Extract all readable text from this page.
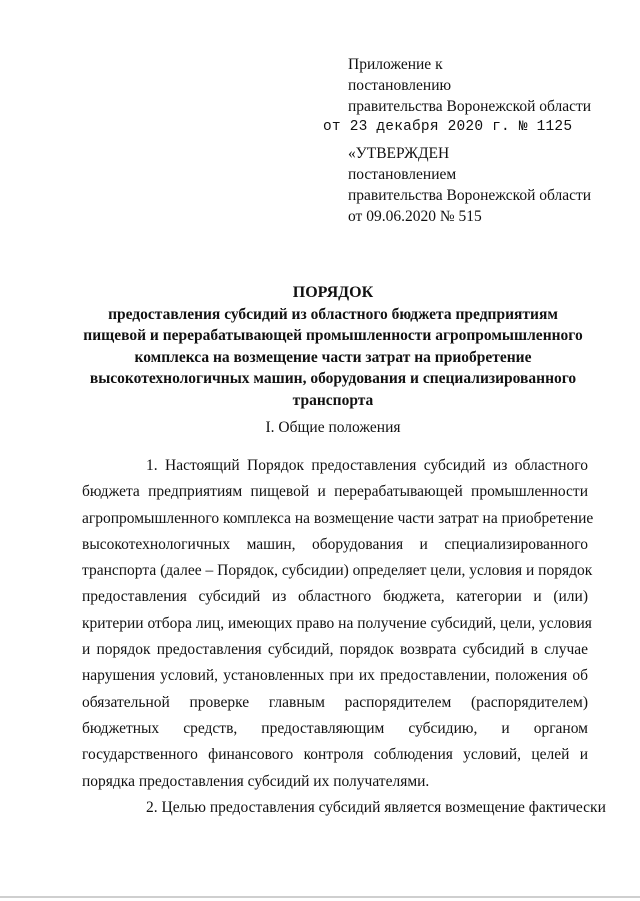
Приложение к
постановлению
правительства Воронежской области
от 23 декабря 2020 г. № 1125
«УТВЕРЖДЕН
постановлением
правительства Воронежской области
от 09.06.2020 № 515
ПОРЯДОК
предоставления субсидий из областного бюджета предприятиям
пищевой и перерабатывающей промышленности агропромышленного
комплекса на возмещение части затрат на приобретение
высокотехнологичных машин, оборудования и специализированного
транспорта
I. Общие положения
1. Настоящий Порядок предоставления субсидий из областного
бюджета предприятиям пищевой и перерабатывающей промышленности
агропромышленного комплекса на возмещение части затрат на приобретение
высокотехнологичных машин, оборудования и специализированного
транспорта (далее – Порядок, субсидии) определяет цели, условия и порядок
предоставления субсидий из областного бюджета, категории и (или)
критерии отбора лиц, имеющих право на получение субсидий, цели, условия
и порядок предоставления субсидий, порядок возврата субсидий в случае
нарушения условий, установленных при их предоставлении, положения об
обязательной проверке главным распорядителем (распорядителем)
бюджетных средств, предоставляющим субсидию, и органом
государственного финансового контроля соблюдения условий, целей и
порядка предоставления субсидий их получателями.
2. Целью предоставления субсидий является возмещение фактически
